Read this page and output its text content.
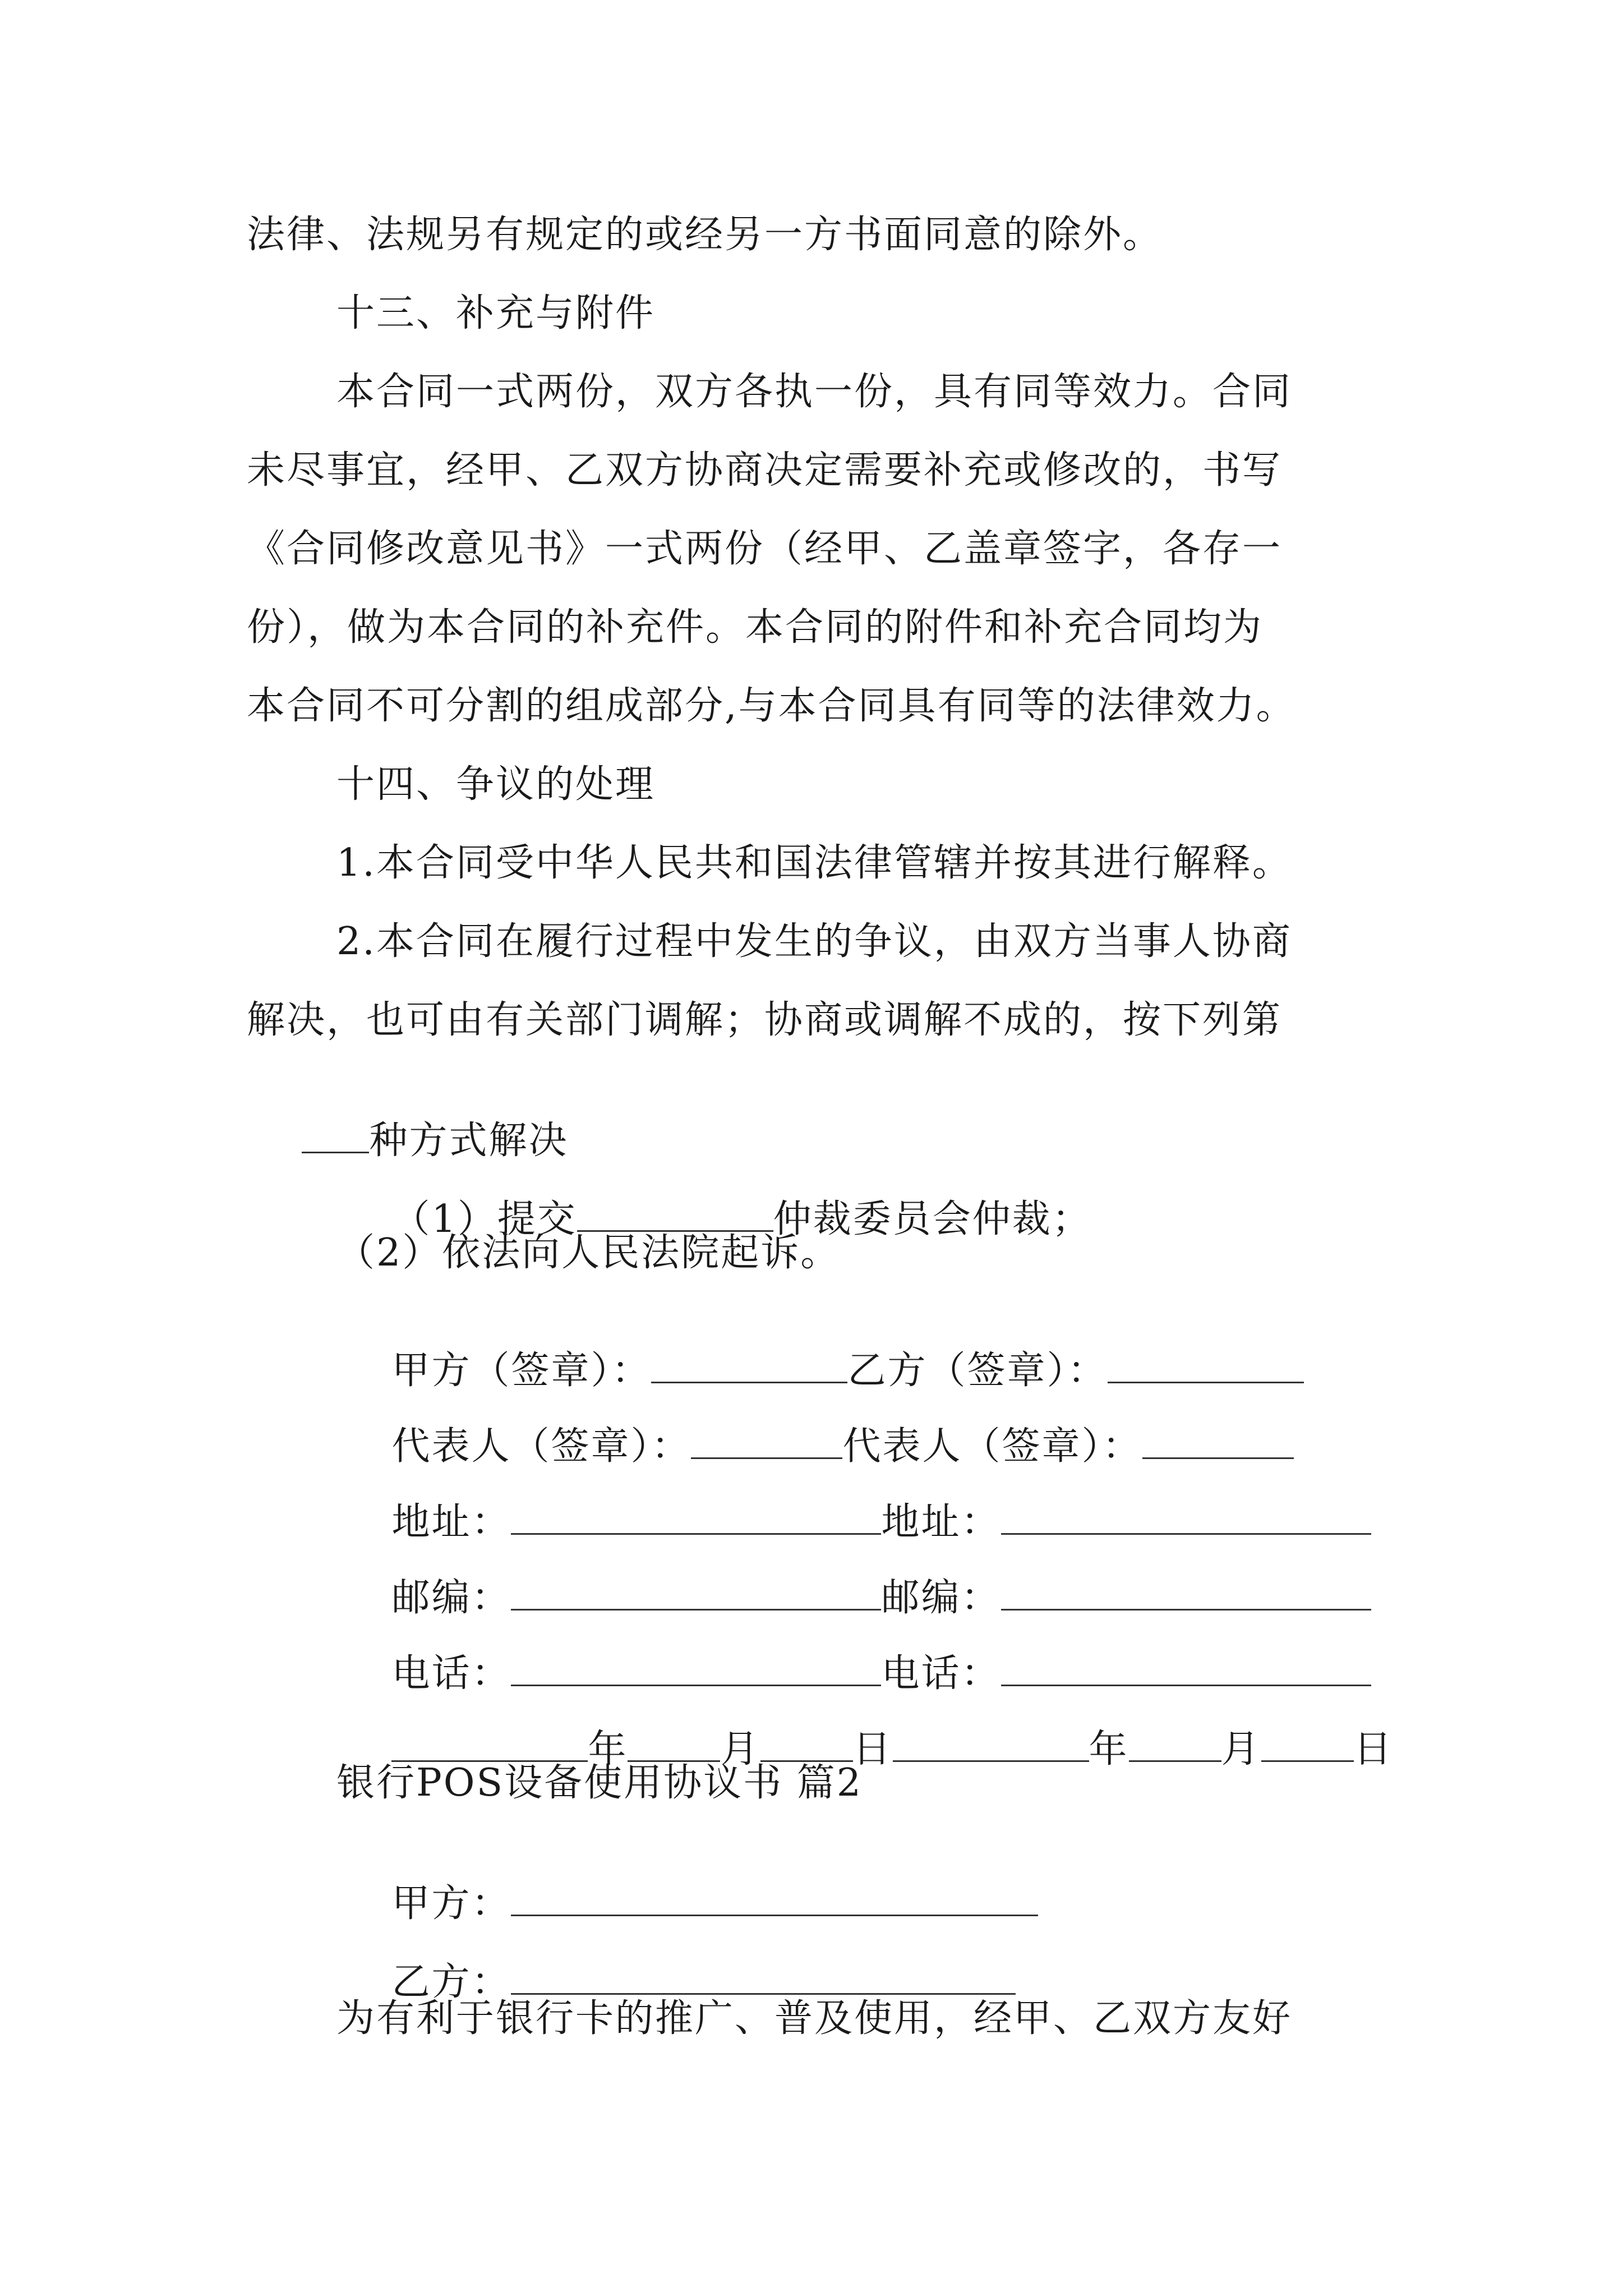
法律、法规另有规定的或经另一方书面同意的除外。
十三、补充与附件
本合同一式两份，双方各执一份，具有同等效力。合同
未尽事宜，经甲、乙双方协商决定需要补充或修改的，书写
《合同修改意见书》一式两份（经甲、乙盖章签字，各存一
份），做为本合同的补充件。本合同的附件和补充合同均为
本合同不可分割的组成部分,与本合同具有同等的法律效力。
十四、争议的处理
1.本合同受中华人民共和国法律管辖并按其进行解释。
2.本合同在履行过程中发生的争议，由双方当事人协商
解决，也可由有关部门调解；协商或调解不成的，按下列第

种方式解决

（1）提交	仲裁委员会仲裁；

（2）依法向人民法院起诉。

甲方（签章）：	乙方（签章）：

代表人（签章）：	代表人（签章）：

地址：	地址：

邮编：	邮编：

电话：	电话：

年 月 日	年 月 日

银行POS设备使用协议书 篇2

甲方：

乙方：

为有利于银行卡的推广、普及使用，经甲、乙双方友好
